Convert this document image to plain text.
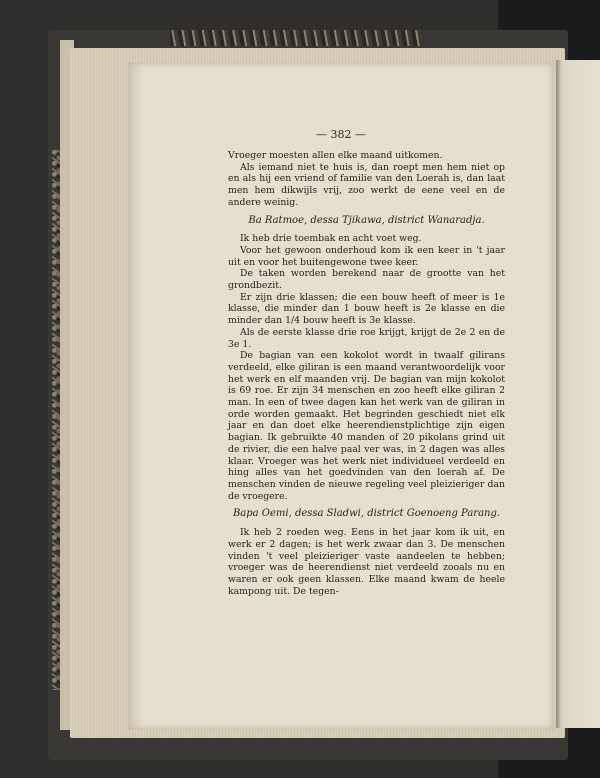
— 382 —

Vroeger moesten allen elke maand uitkomen.

Als iemand niet te huis is, dan roept men hem niet op en als hij een vriend of familie van den Loerah is, dan laat men hem dikwijls vrij, zoo werkt de eene veel en de andere weinig.

Ba Ratmoe, dessa Tjikawa, district Wanaradja.

Ik heb drie toembak en acht voet weg.

Voor het gewoon onderhoud kom ik een keer in 't jaar uit en voor het buitengewone twee keer.

De taken worden berekend naar de grootte van het grondbezit.

Er zijn drie klassen; die een bouw heeft of meer is 1e klasse, die minder dan 1 bouw heeft is 2e klasse en die minder dan 1/4 bouw heeft is 3e klasse.

Als de eerste klasse drie roe krijgt, krijgt de 2e 2 en de 3e 1.

De bagian van een kokolot wordt in twaalf gilirans verdeeld, elke giliran is een maand verantwoordelijk voor het werk en elf maanden vrij. De bagian van mijn kokolot is 69 roe. Er zijn 34 menschen en zoo heeft elke giliran 2 man. In een of twee dagen kan het werk van de giliran in orde worden gemaakt. Het begrinden geschiedt niet elk jaar en dan doet elke heerendienstplichtige zijn eigen bagian. Ik gebruikte 40 manden of 20 pikolans grind uit de rivier, die een halve paal ver was, in 2 dagen was alles klaar. Vroeger was het werk niet individueel verdeeld en hing alles van het goedvinden van den loerah af. De menschen vinden de nieuwe regeling veel pleizieriger dan de vroegere.

Bapa Oemi, dessa Sladwi, district Goenoeng Parang.

Ik heb 2 roeden weg. Eens in het jaar kom ik uit, en werk er 2 dagen; is het werk zwaar dan 3. De menschen vinden 't veel pleizieriger vaste aandeelen te hebben; vroeger was de heerendienst niet verdeeld zooals nu en waren er ook geen klassen. Elke maand kwam de heele kampong uit. De tegen-
